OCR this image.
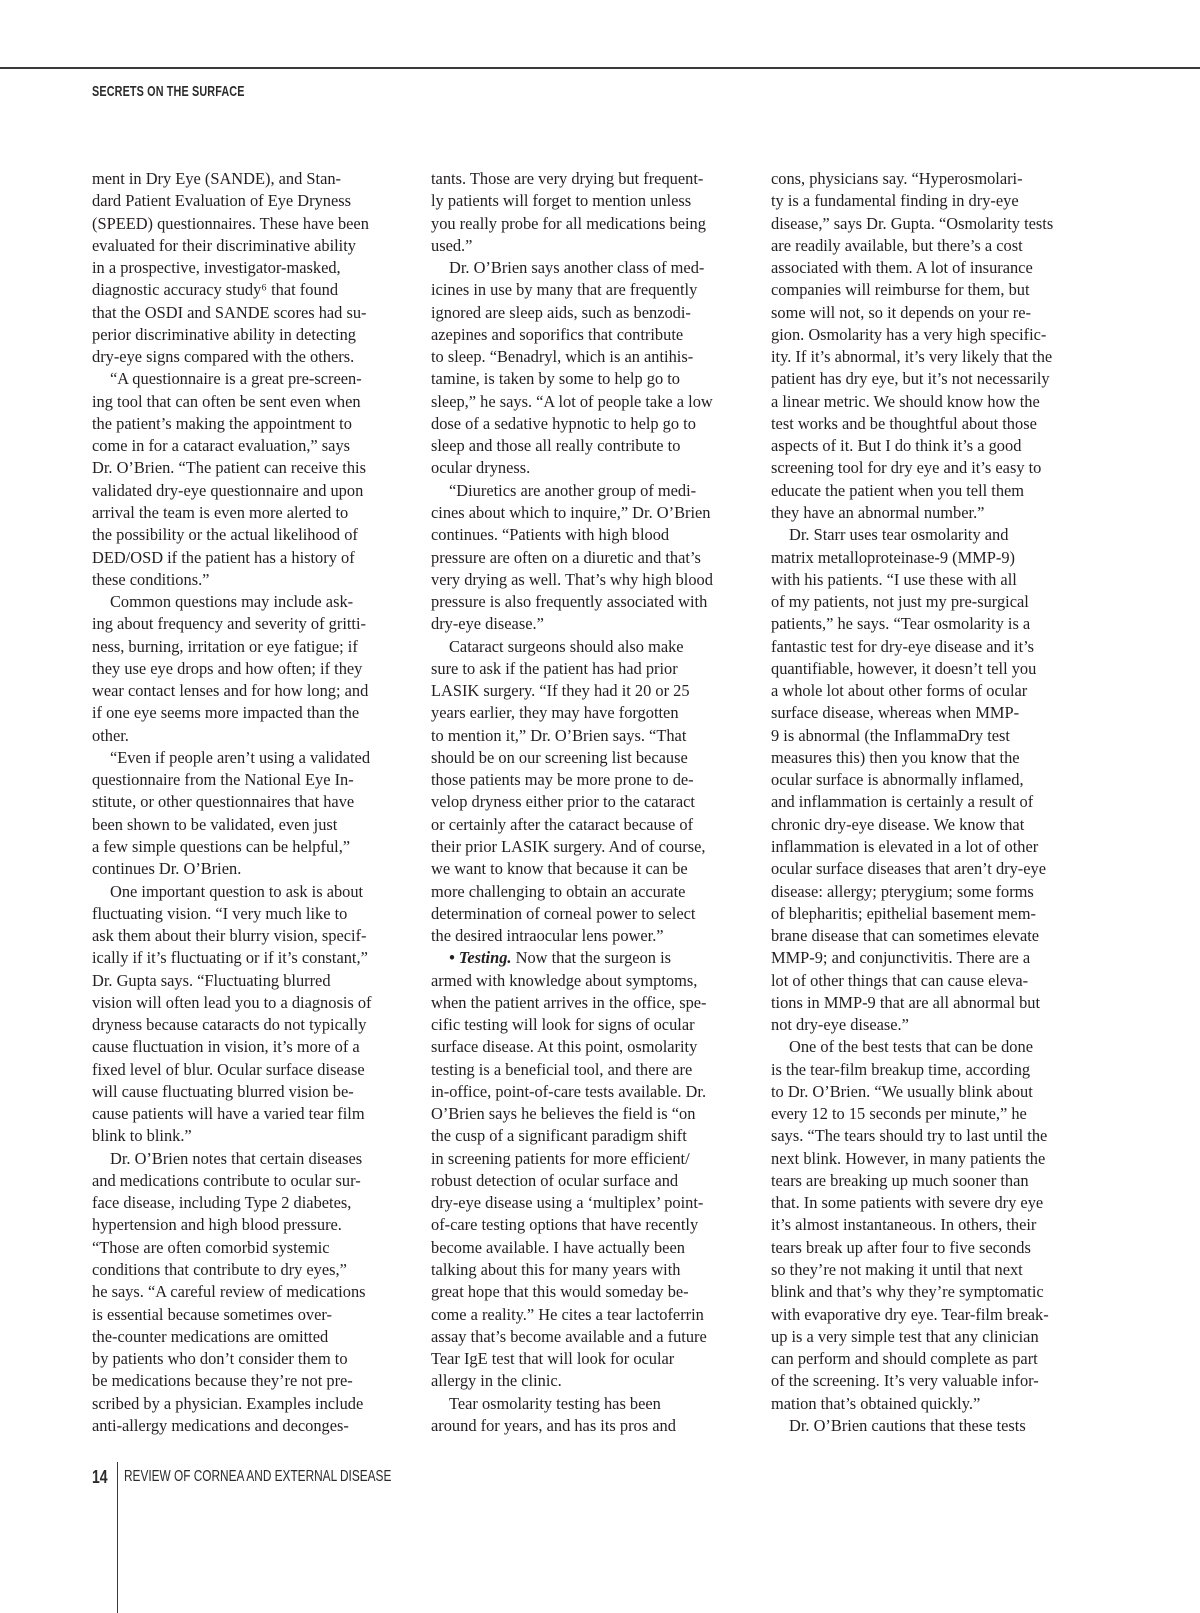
SECRETS ON THE SURFACE
ment in Dry Eye (SANDE), and Stan-
dard Patient Evaluation of Eye Dryness
(SPEED) questionnaires. These have been
evaluated for their discriminative ability
in a prospective, investigator-masked,
diagnostic accuracy study⁶ that found
that the OSDI and SANDE scores had su-
perior discriminative ability in detecting
dry-eye signs compared with the others.
“A questionnaire is a great pre-screen-
ing tool that can often be sent even when
the patient’s making the appointment to
come in for a cataract evaluation,” says
Dr. O’Brien. “The patient can receive this
validated dry-eye questionnaire and upon
arrival the team is even more alerted to
the possibility or the actual likelihood of
DED/OSD if the patient has a history of
these conditions.”
Common questions may include ask-
ing about frequency and severity of gritti-
ness, burning, irritation or eye fatigue; if
they use eye drops and how often; if they
wear contact lenses and for how long; and
if one eye seems more impacted than the
other.
“Even if people aren’t using a validated
questionnaire from the National Eye In-
stitute, or other questionnaires that have
been shown to be validated, even just
a few simple questions can be helpful,”
continues Dr. O’Brien.
One important question to ask is about
fluctuating vision. “I very much like to
ask them about their blurry vision, specif-
ically if it’s fluctuating or if it’s constant,”
Dr. Gupta says. “Fluctuating blurred
vision will often lead you to a diagnosis of
dryness because cataracts do not typically
cause fluctuation in vision, it’s more of a
fixed level of blur. Ocular surface disease
will cause fluctuating blurred vision be-
cause patients will have a varied tear film
blink to blink.”
Dr. O’Brien notes that certain diseases
and medications contribute to ocular sur-
face disease, including Type 2 diabetes,
hypertension and high blood pressure.
“Those are often comorbid systemic
conditions that contribute to dry eyes,”
he says. “A careful review of medications
is essential because sometimes over-
the-counter medications are omitted
by patients who don’t consider them to
be medications because they’re not pre-
scribed by a physician. Examples include
anti-allergy medications and deconges-
tants. Those are very drying but frequent-
ly patients will forget to mention unless
you really probe for all medications being
used.”
Dr. O’Brien says another class of med-
icines in use by many that are frequently
ignored are sleep aids, such as benzodi-
azepines and soporifics that contribute
to sleep. “Benadryl, which is an antihis-
tamine, is taken by some to help go to
sleep,” he says. “A lot of people take a low
dose of a sedative hypnotic to help go to
sleep and those all really contribute to
ocular dryness.
“Diuretics are another group of medi-
cines about which to inquire,” Dr. O’Brien
continues. “Patients with high blood
pressure are often on a diuretic and that’s
very drying as well. That’s why high blood
pressure is also frequently associated with
dry-eye disease.”
Cataract surgeons should also make
sure to ask if the patient has had prior
LASIK surgery. “If they had it 20 or 25
years earlier, they may have forgotten
to mention it,” Dr. O’Brien says. “That
should be on our screening list because
those patients may be more prone to de-
velop dryness either prior to the cataract
or certainly after the cataract because of
their prior LASIK surgery. And of course,
we want to know that because it can be
more challenging to obtain an accurate
determination of corneal power to select
the desired intraocular lens power.”
• Testing. Now that the surgeon is
armed with knowledge about symptoms,
when the patient arrives in the office, spe-
cific testing will look for signs of ocular
surface disease. At this point, osmolarity
testing is a beneficial tool, and there are
in-office, point-of-care tests available. Dr.
O’Brien says he believes the field is “on
the cusp of a significant paradigm shift
in screening patients for more efficient/
robust detection of ocular surface and
dry-eye disease using a ‘multiplex’ point-
of-care testing options that have recently
become available. I have actually been
talking about this for many years with
great hope that this would someday be-
come a reality.” He cites a tear lactoferrin
assay that’s become available and a future
Tear IgE test that will look for ocular
allergy in the clinic.
Tear osmolarity testing has been
around for years, and has its pros and
cons, physicians say. “Hyperosmolari-
ty is a fundamental finding in dry-eye
disease,” says Dr. Gupta. “Osmolarity tests
are readily available, but there’s a cost
associated with them. A lot of insurance
companies will reimburse for them, but
some will not, so it depends on your re-
gion. Osmolarity has a very high specific-
ity. If it’s abnormal, it’s very likely that the
patient has dry eye, but it’s not necessarily
a linear metric. We should know how the
test works and be thoughtful about those
aspects of it. But I do think it’s a good
screening tool for dry eye and it’s easy to
educate the patient when you tell them
they have an abnormal number.”
Dr. Starr uses tear osmolarity and
matrix metalloproteinase-9 (MMP-9)
with his patients. “I use these with all
of my patients, not just my pre-surgical
patients,” he says. “Tear osmolarity is a
fantastic test for dry-eye disease and it’s
quantifiable, however, it doesn’t tell you
a whole lot about other forms of ocular
surface disease, whereas when MMP-
9 is abnormal (the InflammaDry test
measures this) then you know that the
ocular surface is abnormally inflamed,
and inflammation is certainly a result of
chronic dry-eye disease. We know that
inflammation is elevated in a lot of other
ocular surface diseases that aren’t dry-eye
disease: allergy; pterygium; some forms
of blepharitis; epithelial basement mem-
brane disease that can sometimes elevate
MMP-9; and conjunctivitis. There are a
lot of other things that can cause eleva-
tions in MMP-9 that are all abnormal but
not dry-eye disease.”
One of the best tests that can be done
is the tear-film breakup time, according
to Dr. O’Brien. “We usually blink about
every 12 to 15 seconds per minute,” he
says. “The tears should try to last until the
next blink. However, in many patients the
tears are breaking up much sooner than
that. In some patients with severe dry eye
it’s almost instantaneous. In others, their
tears break up after four to five seconds
so they’re not making it until that next
blink and that’s why they’re symptomatic
with evaporative dry eye. Tear-film break-
up is a very simple test that any clinician
can perform and should complete as part
of the screening. It’s very valuable infor-
mation that’s obtained quickly.”
Dr. O’Brien cautions that these tests
14 REVIEW OF CORNEA AND EXTERNAL DISEASE
